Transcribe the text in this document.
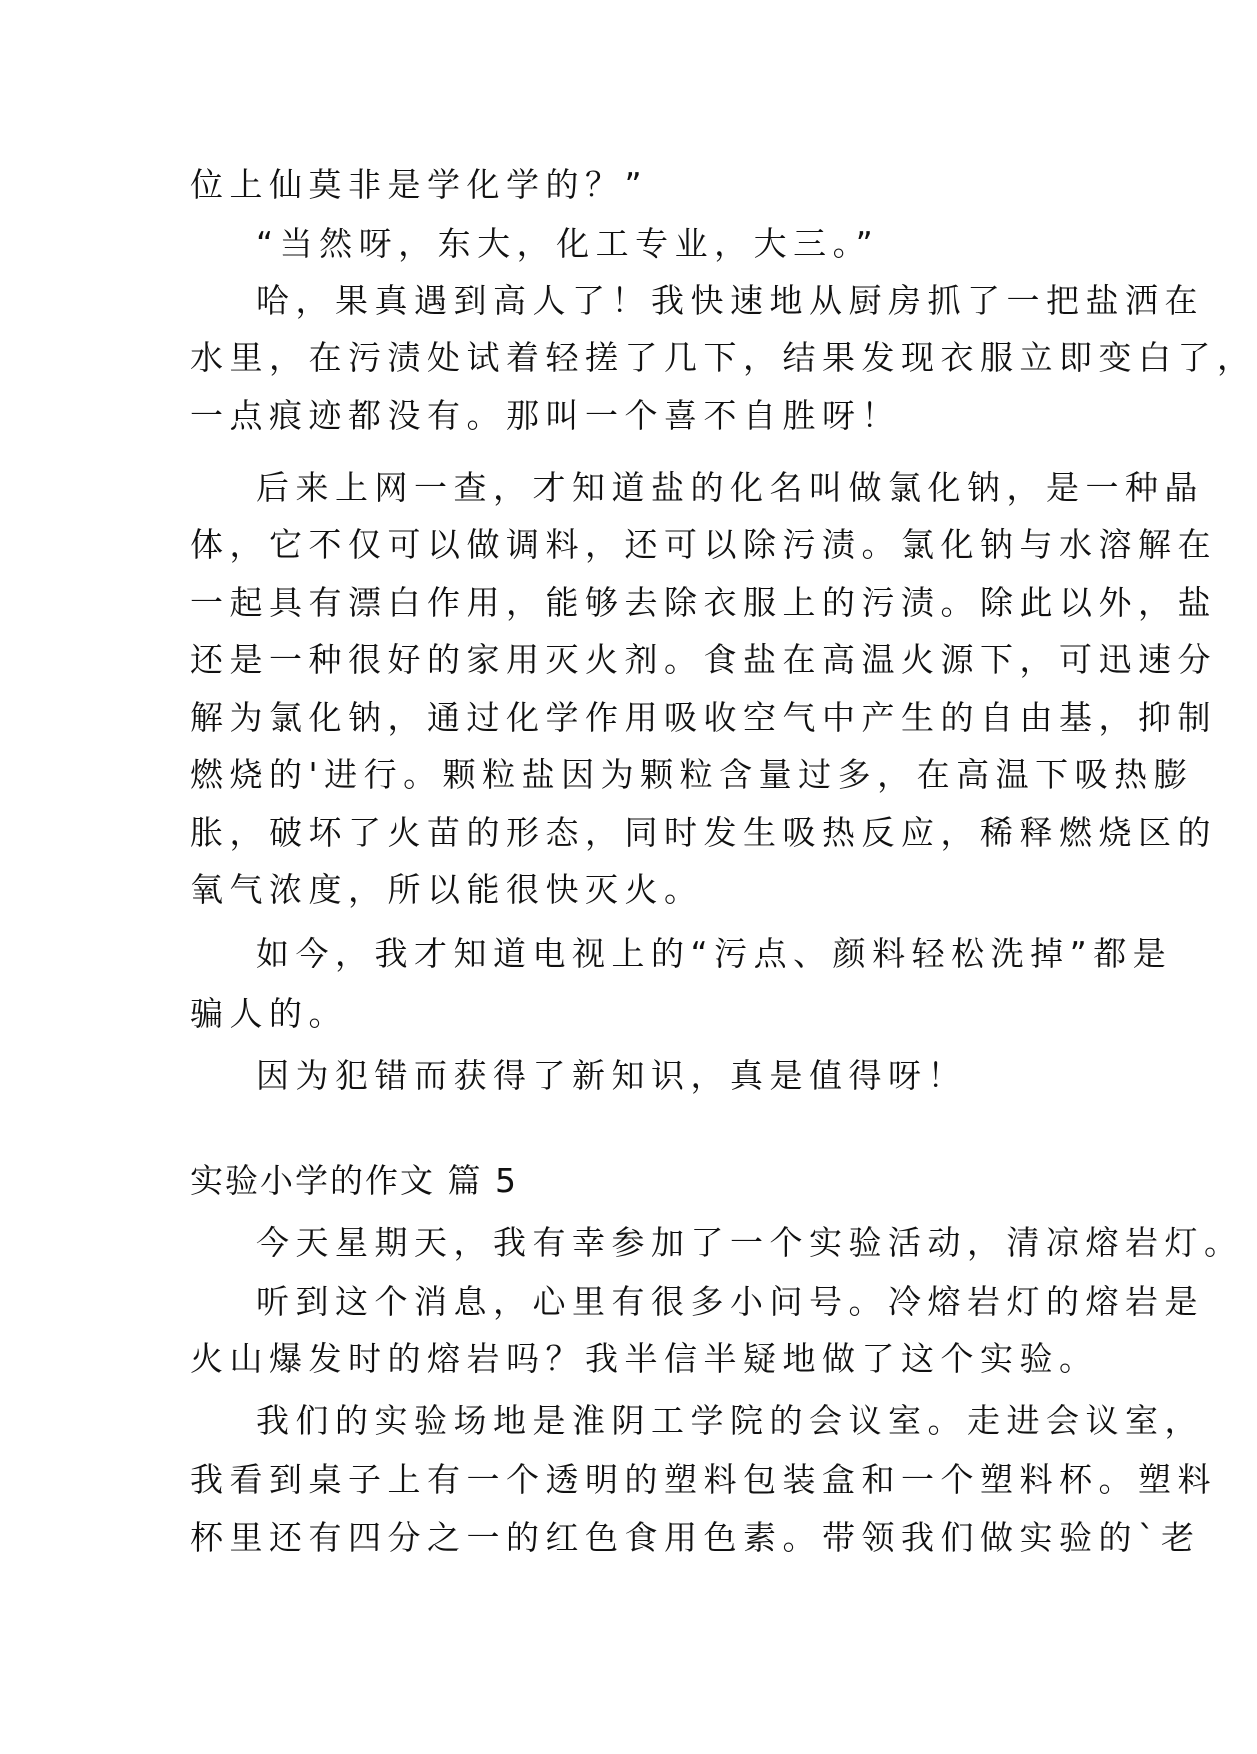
位上仙莫非是学化学的？”
“当然呀，东大，化工专业，大三。”
哈，果真遇到高人了！我快速地从厨房抓了一把盐洒在
水里，在污渍处试着轻搓了几下，结果发现衣服立即变白了，
一点痕迹都没有。那叫一个喜不自胜呀！
后来上网一查，才知道盐的化名叫做氯化钠，是一种晶
体，它不仅可以做调料，还可以除污渍。氯化钠与水溶解在
一起具有漂白作用，能够去除衣服上的污渍。除此以外，盐
还是一种很好的家用灭火剂。食盐在高温火源下，可迅速分
解为氯化钠，通过化学作用吸收空气中产生的自由基，抑制
燃烧的'进行。颗粒盐因为颗粒含量过多，在高温下吸热膨
胀，破坏了火苗的形态，同时发生吸热反应，稀释燃烧区的
氧气浓度，所以能很快灭火。
如今，我才知道电视上的“污点、颜料轻松洗掉”都是
骗人的。
因为犯错而获得了新知识，真是值得呀！
实验小学的作文 篇 5
今天星期天，我有幸参加了一个实验活动，清凉熔岩灯。
听到这个消息，心里有很多小问号。冷熔岩灯的熔岩是
火山爆发时的熔岩吗？我半信半疑地做了这个实验。
我们的实验场地是淮阴工学院的会议室。走进会议室，
我看到桌子上有一个透明的塑料包装盒和一个塑料杯。塑料
杯里还有四分之一的红色食用色素。带领我们做实验的`老
